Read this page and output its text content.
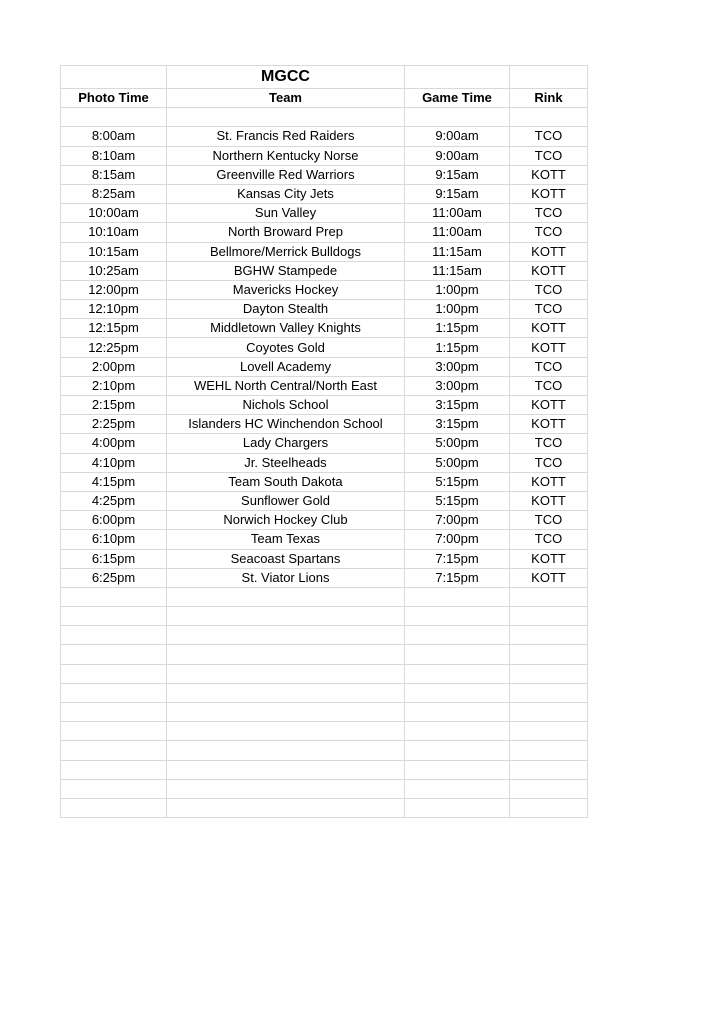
	MGCC		
Photo Time	Team	Game Time	Rink

8:00am	St. Francis Red Raiders	9:00am	TCO
8:10am	Northern Kentucky Norse	9:00am	TCO
8:15am	Greenville Red Warriors	9:15am	KOTT
8:25am	Kansas City Jets	9:15am	KOTT
10:00am	Sun Valley	11:00am	TCO
10:10am	North Broward Prep	11:00am	TCO
10:15am	Bellmore/Merrick Bulldogs	11:15am	KOTT
10:25am	BGHW Stampede	11:15am	KOTT
12:00pm	Mavericks Hockey	1:00pm	TCO
12:10pm	Dayton Stealth	1:00pm	TCO
12:15pm	Middletown Valley Knights	1:15pm	KOTT
12:25pm	Coyotes Gold	1:15pm	KOTT
2:00pm	Lovell Academy	3:00pm	TCO
2:10pm	WEHL North Central/North East	3:00pm	TCO
2:15pm	Nichols School	3:15pm	KOTT
2:25pm	Islanders HC Winchendon School	3:15pm	KOTT
4:00pm	Lady Chargers	5:00pm	TCO
4:10pm	Jr. Steelheads	5:00pm	TCO
4:15pm	Team South Dakota	5:15pm	KOTT
4:25pm	Sunflower Gold	5:15pm	KOTT
6:00pm	Norwich Hockey Club	7:00pm	TCO
6:10pm	Team Texas	7:00pm	TCO
6:15pm	Seacoast Spartans	7:15pm	KOTT
6:25pm	St. Viator Lions	7:15pm	KOTT
